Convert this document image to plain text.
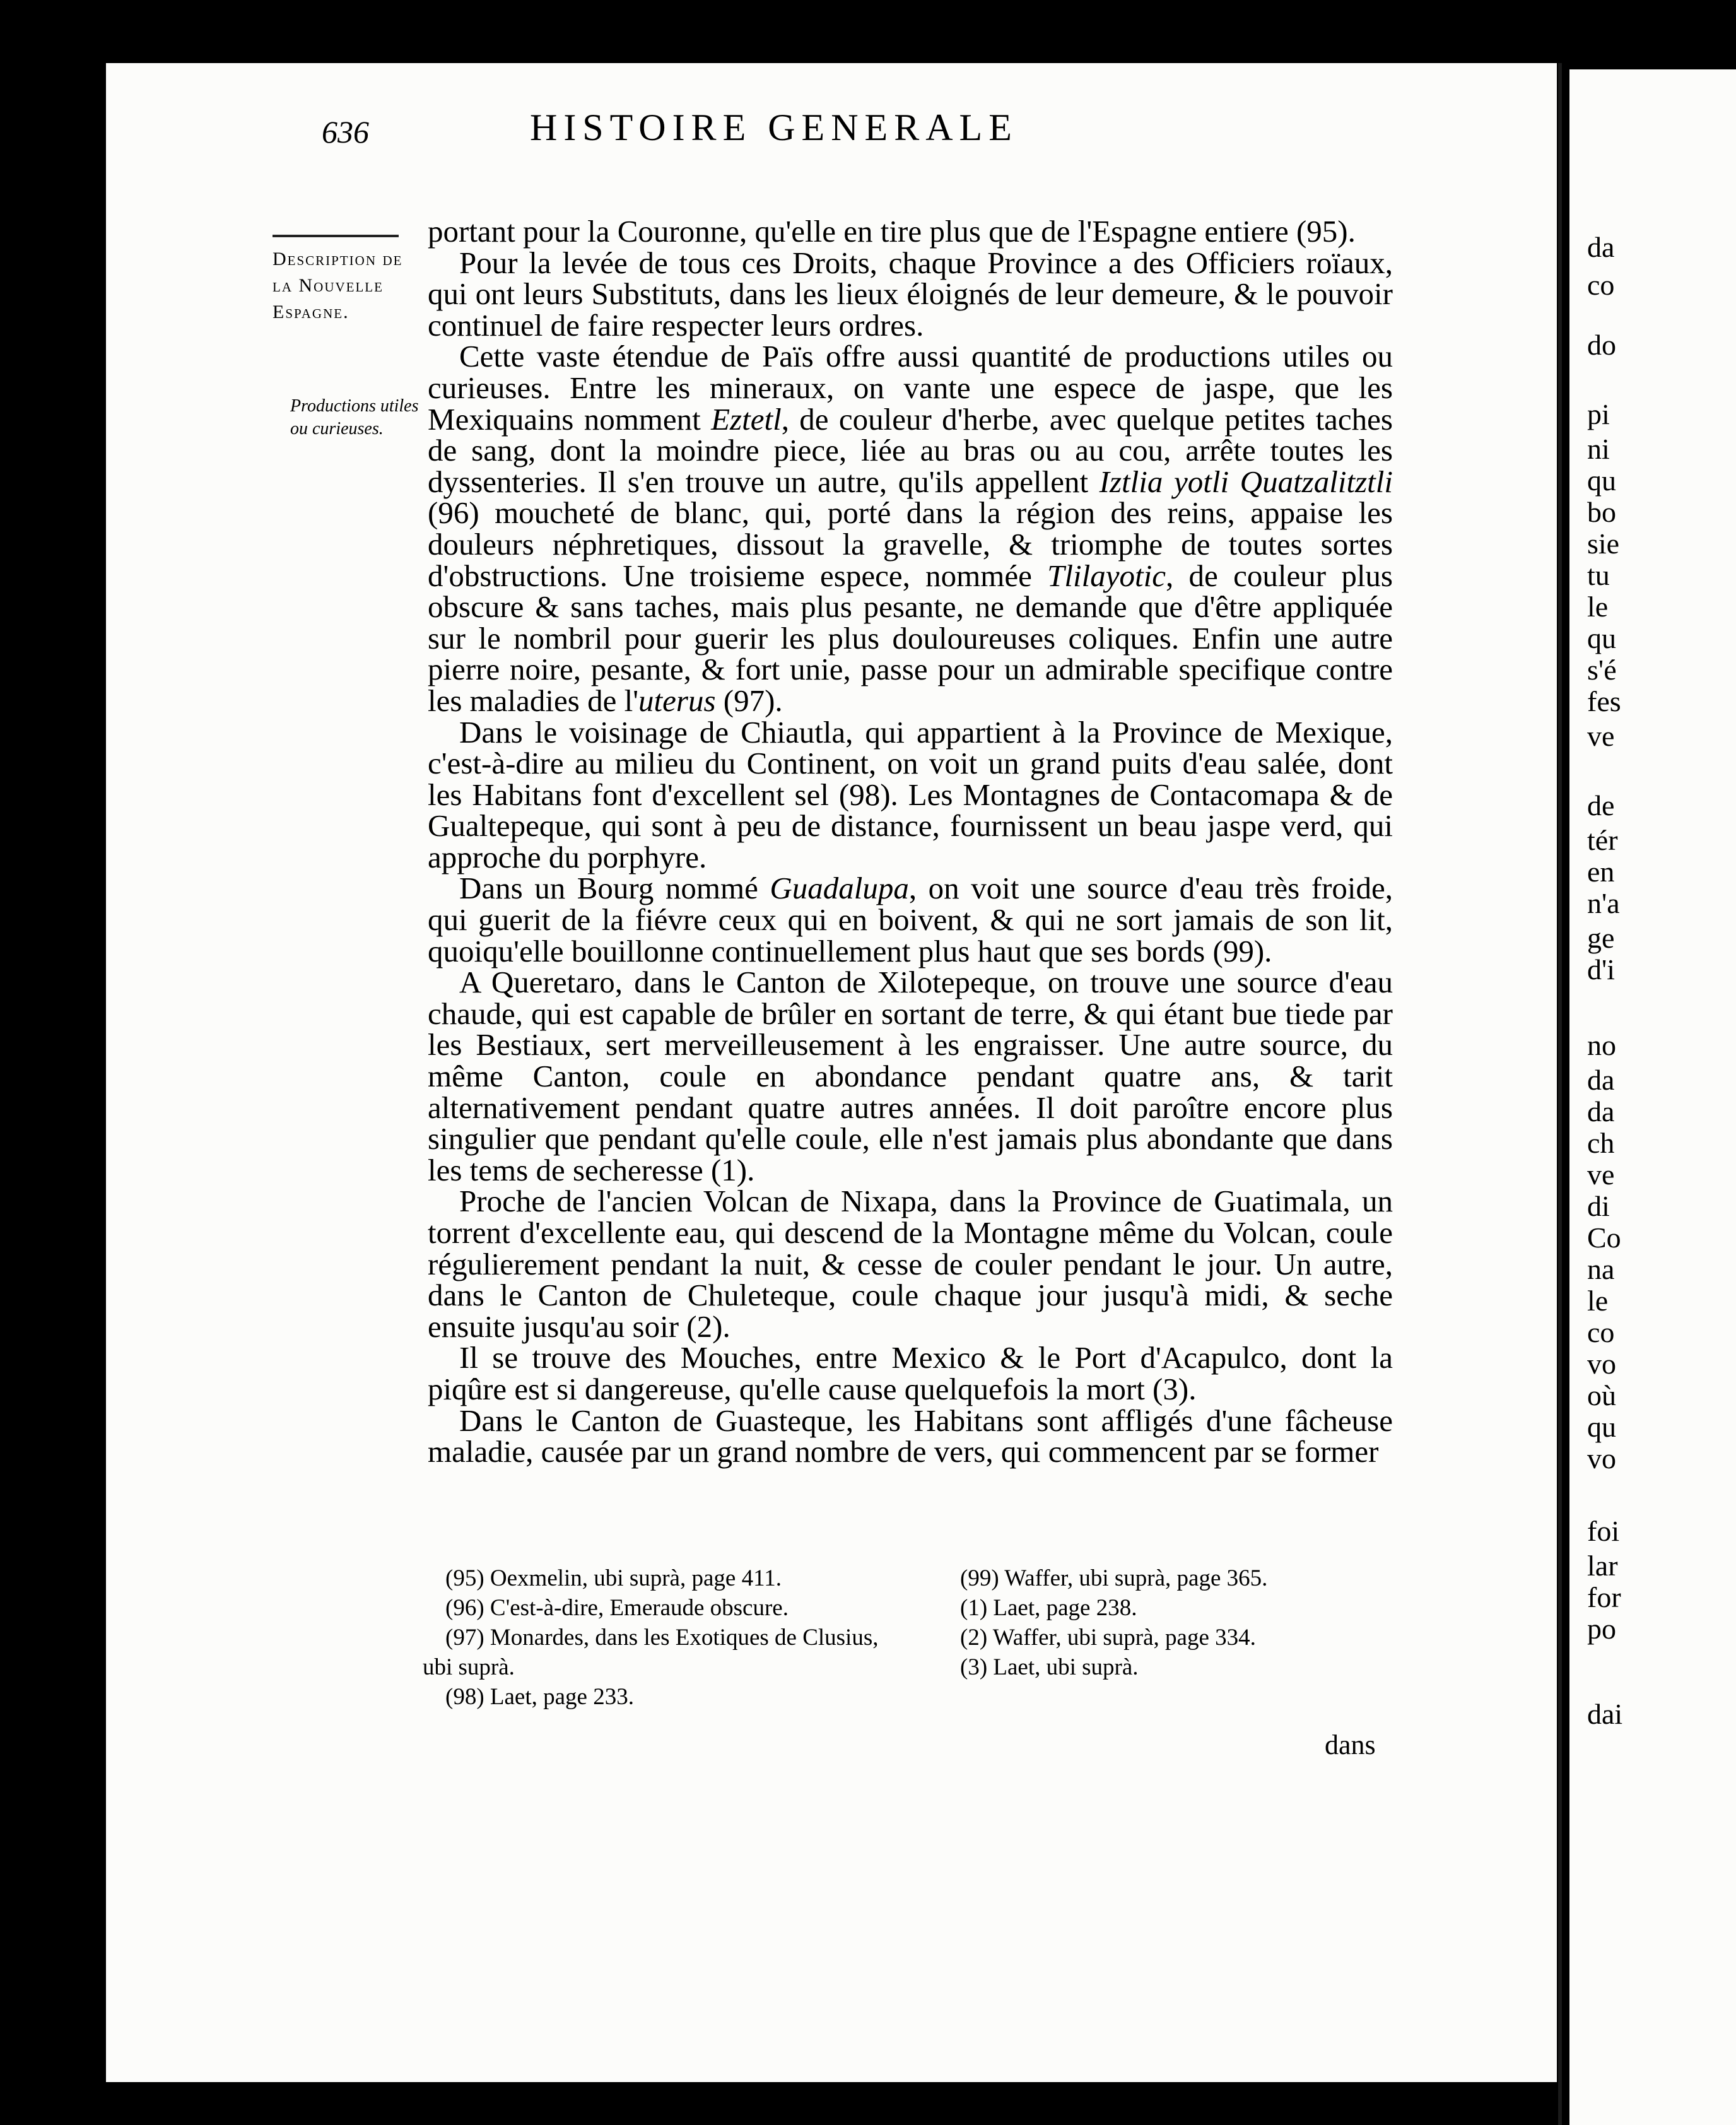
636	HISTOIRE GENERALE
Description de la Nouvelle Espagne.
Productions utiles ou curieuses.

portant pour la Couronne, qu'elle en tire plus que de l'Espagne entiere (95).

Pour la levée de tous ces Droits, chaque Province a des Officiers roïaux, qui ont leurs Substituts, dans les lieux éloignés de leur demeure, & le pouvoir continuel de faire respecter leurs ordres.

Cette vaste étendue de Païs offre aussi quantité de productions utiles ou curieuses. Entre les mineraux, on vante une espece de jaspe, que les Mexiquains nomment Eztetl, de couleur d'herbe, avec quelque petites taches de sang, dont la moindre piece, liée au bras ou au cou, arrête toutes les dyssenteries. Il s'en trouve un autre, qu'ils appellent Iztlia yotli Quatzalitztli (96) moucheté de blanc, qui, porté dans la région des reins, appaise les douleurs néphretiques, dissout la gravelle, & triomphe de toutes sortes d'obstructions. Une troisieme espece, nommée Tlilayotic, de couleur plus obscure & sans taches, mais plus pesante, ne demande que d'être appliquée sur le nombril pour guerir les plus douloureuses coliques. Enfin une autre pierre noire, pesante, & fort unie, passe pour un admirable specifique contre les maladies de l'uterus (97).

Dans le voisinage de Chiautla, qui appartient à la Province de Mexique, c'est-à-dire au milieu du Continent, on voit un grand puits d'eau salée, dont les Habitans font d'excellent sel (98). Les Montagnes de Contacomapa & de Gualtepeque, qui sont à peu de distance, fournissent un beau jaspe verd, qui approche du porphyre.

Dans un Bourg nommé Guadalupa, on voit une source d'eau très froide, qui guerit de la fiévre ceux qui en boivent, & qui ne sort jamais de son lit, quoiqu'elle bouillonne continuellement plus haut que ses bords (99).

A Queretaro, dans le Canton de Xilotepeque, on trouve une source d'eau chaude, qui est capable de brûler en sortant de terre, & qui étant bue tiede par les Bestiaux, sert merveilleusement à les engraisser. Une autre source, du même Canton, coule en abondance pendant quatre ans, & tarit alternativement pendant quatre autres années. Il doit paroître encore plus singulier que pendant qu'elle coule, elle n'est jamais plus abondante que dans les tems de secheresse (1).

Proche de l'ancien Volcan de Nixapa, dans la Province de Guatimala, un torrent d'excellente eau, qui descend de la Montagne même du Volcan, coule régulierement pendant la nuit, & cesse de couler pendant le jour. Un autre, dans le Canton de Chuleteque, coule chaque jour jusqu'à midi, & seche ensuite jusqu'au soir (2).

Il se trouve des Mouches, entre Mexico & le Port d'Acapulco, dont la piqûre est si dangereuse, qu'elle cause quelquefois la mort (3).

Dans le Canton de Guasteque, les Habitans sont affligés d'une fâcheuse maladie, causée par un grand nombre de vers, qui commencent par se former

(95) Oexmelin, ubi suprà, page 411.

(96) C'est-à-dire, Emeraude obscure.

(97) Monardes, dans les Exotiques de Clusius, ubi suprà.

(98) Laet, page 233.

(99) Waffer, ubi suprà, page 365.

(1) Laet, page 238.

(2) Waffer, ubi suprà, page 334.

(3) Laet, ubi suprà.

dans
da
co
do
pi
ni
qu
bo
sie
tu
le
qu
s'é
fes
ve
de
tér
en
n'a
ge
d'i
no
da
da
ch
ve
di
Co
na
le
co
vo
où
qu
vo
foi
lar
for
po
dai
